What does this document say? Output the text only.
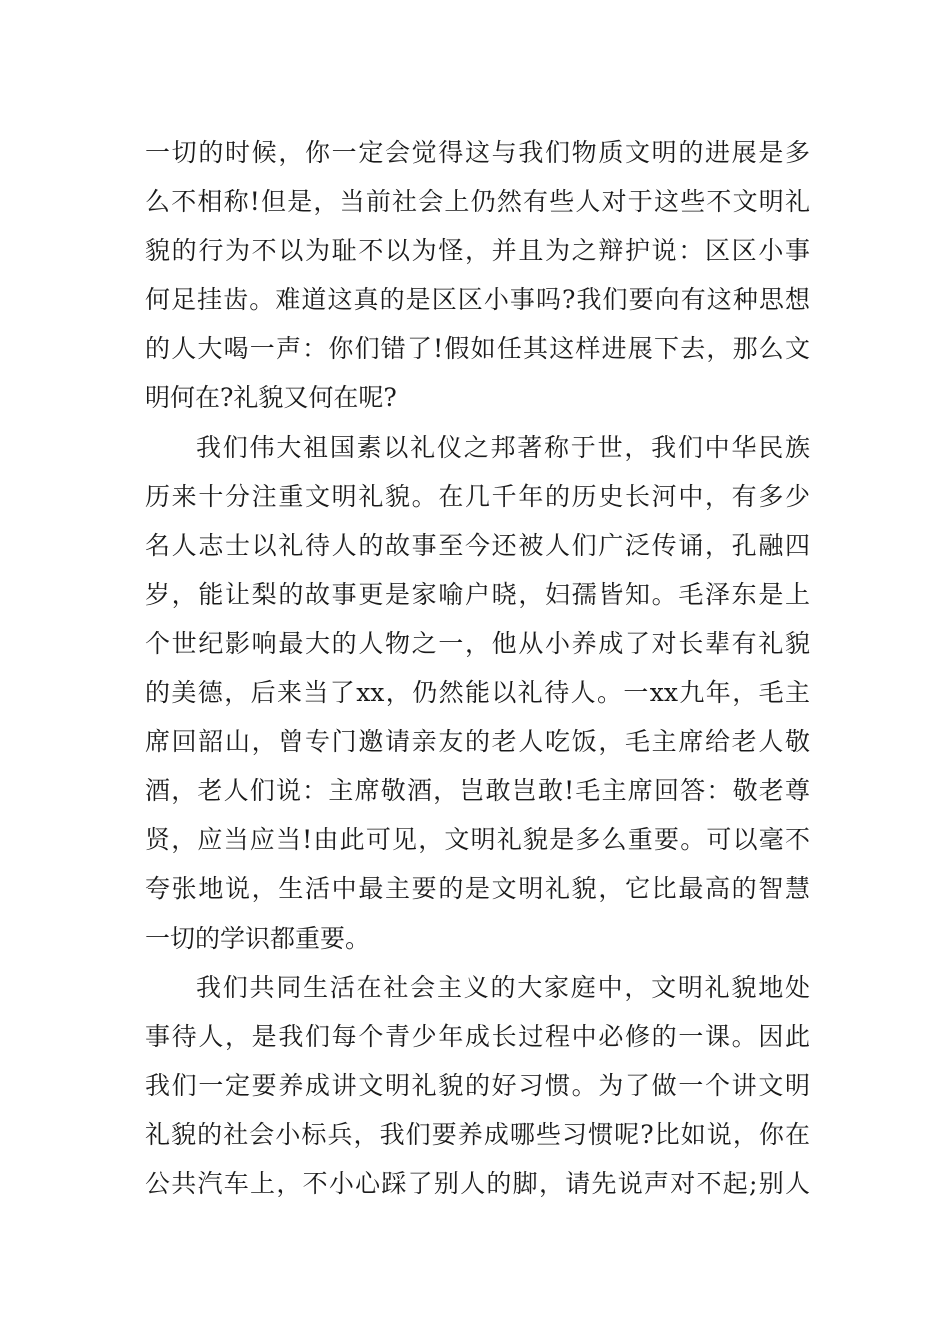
一切的时候，你一定会觉得这与我们物质文明的进展是多
么不相称!但是，当前社会上仍然有些人对于这些不文明礼
貌的行为不以为耻不以为怪，并且为之辩护说：区区小事
何足挂齿。难道这真的是区区小事吗?我们要向有这种思想
的人大喝一声：你们错了!假如任其这样进展下去，那么文
明何在?礼貌又何在呢?
我们伟大祖国素以礼仪之邦著称于世，我们中华民族
历来十分注重文明礼貌。在几千年的历史长河中，有多少
名人志士以礼待人的故事至今还被人们广泛传诵，孔融四
岁，能让梨的故事更是家喻户晓，妇孺皆知。毛泽东是上
个世纪影响最大的人物之一，他从小养成了对长辈有礼貌
的美德，后来当了xx，仍然能以礼待人。一xx九年，毛主
席回韶山，曾专门邀请亲友的老人吃饭，毛主席给老人敬
酒，老人们说：主席敬酒，岂敢岂敢!毛主席回答：敬老尊
贤，应当应当!由此可见，文明礼貌是多么重要。可以毫不
夸张地说，生活中最主要的是文明礼貌，它比最高的智慧
一切的学识都重要。
我们共同生活在社会主义的大家庭中，文明礼貌地处
事待人，是我们每个青少年成长过程中必修的一课。因此
我们一定要养成讲文明礼貌的好习惯。为了做一个讲文明
礼貌的社会小标兵，我们要养成哪些习惯呢?比如说，你在
公共汽车上，不小心踩了别人的脚，请先说声对不起;别人
